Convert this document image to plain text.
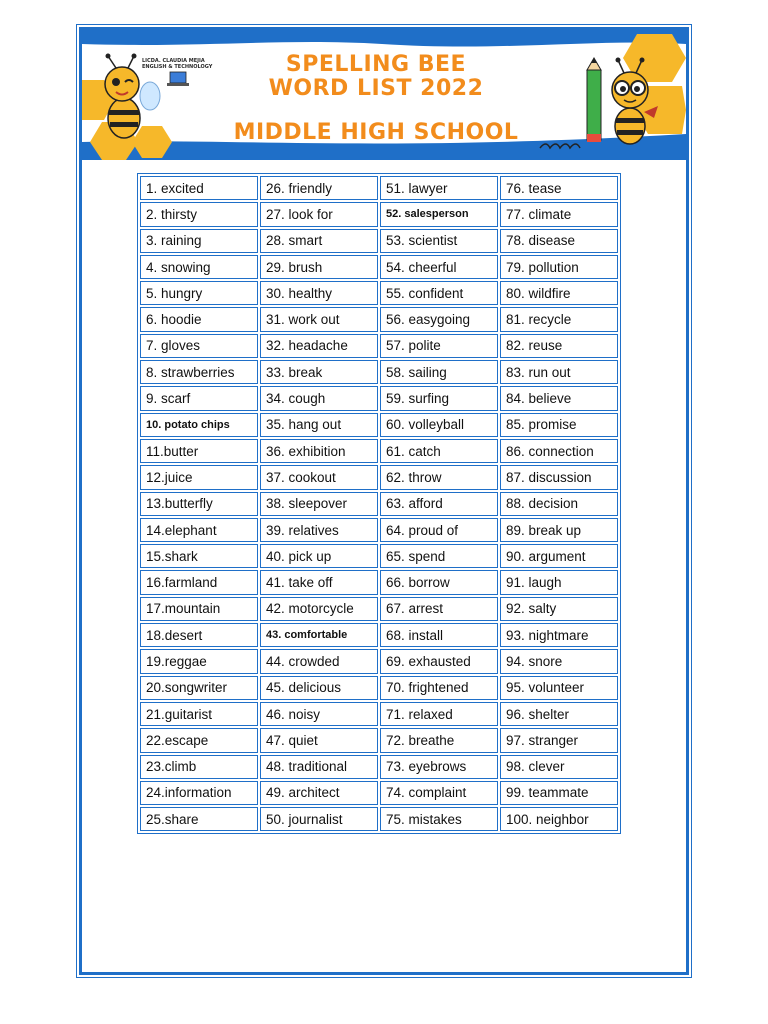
LICDA. CLAUDIA MEJIA
ENGLISH & TECHNOLOGY	SPELLING BEE
WORD LIST 2022
MIDDLE HIGH SCHOOL
1. excited	26. friendly	51. lawyer	76. tease
2. thirsty	27. look for	52. salesperson	77. climate
3. raining	28. smart	53. scientist	78. disease
4. snowing	29. brush	54. cheerful	79. pollution
5. hungry	30. healthy	55. confident	80. wildfire
6. hoodie	31. work out	56. easygoing	81. recycle
7. gloves	32. headache	57. polite	82. reuse
8. strawberries	33. break	58. sailing	83. run out
9. scarf	34. cough	59. surfing	84. believe
10. potato chips	35. hang out	60. volleyball	85. promise
11.butter	36. exhibition	61. catch	86. connection
12.juice	37. cookout	62. throw	87. discussion
13.butterfly	38. sleepover	63. afford	88. decision
14.elephant	39. relatives	64. proud of	89. break up
15.shark	40. pick up	65. spend	90. argument
16.farmland	41. take off	66. borrow	91. laugh
17.mountain	42. motorcycle	67. arrest	92. salty
18.desert	43. comfortable	68. install	93. nightmare
19.reggae	44. crowded	69. exhausted	94. snore
20.songwriter	45. delicious	70. frightened	95. volunteer
21.guitarist	46. noisy	71. relaxed	96. shelter
22.escape	47. quiet	72. breathe	97. stranger
23.climb	48. traditional	73. eyebrows	98. clever
24.information	49. architect	74. complaint	99. teammate
25.share	50. journalist	75. mistakes	100. neighbor
